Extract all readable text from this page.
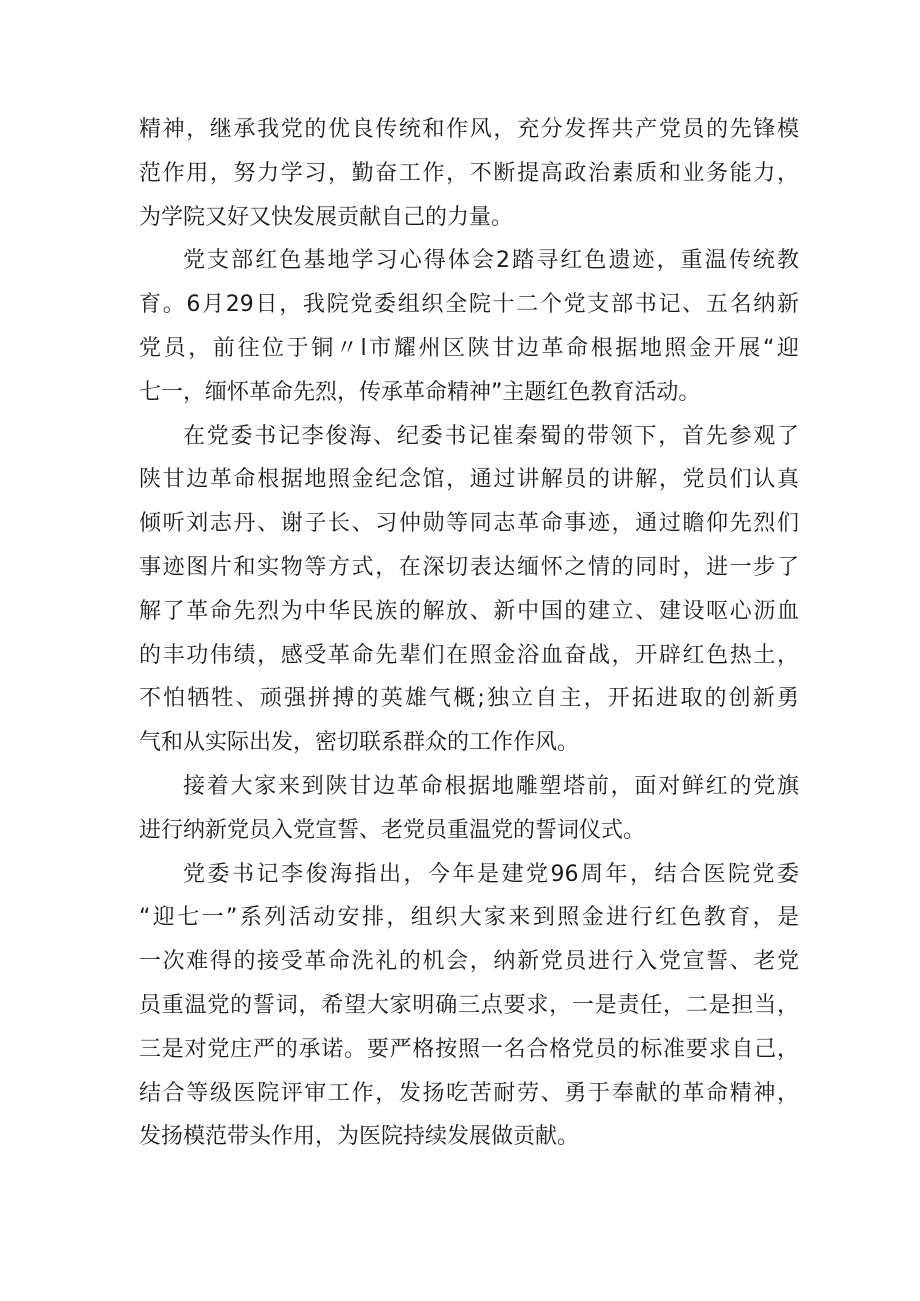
精神，继承我党的优良传统和作风，充分发挥共产党员的先锋模
范作用，努力学习，勤奋工作，不断提高政治素质和业务能力，
为学院又好又快发展贡献自己的力量。
党支部红色基地学习心得体会2踏寻红色遗迹，重温传统教
育。6月29日，我院党委组织全院十二个党支部书记、五名纳新
党员，前往位于铜〃l市耀州区陕甘边革命根据地照金开展“迎
七一，缅怀革命先烈，传承革命精神”主题红色教育活动。
在党委书记李俊海、纪委书记崔秦蜀的带领下，首先参观了
陕甘边革命根据地照金纪念馆，通过讲解员的讲解，党员们认真
倾听刘志丹、谢子长、习仲勋等同志革命事迹，通过瞻仰先烈们
事迹图片和实物等方式，在深切表达缅怀之情的同时，进一步了
解了革命先烈为中华民族的解放、新中国的建立、建设呕心沥血
的丰功伟绩，感受革命先辈们在照金浴血奋战，开辟红色热土，
不怕牺牲、顽强拼搏的英雄气概;独立自主，开拓进取的创新勇
气和从实际出发，密切联系群众的工作作风。
接着大家来到陕甘边革命根据地雕塑塔前，面对鲜红的党旗
进行纳新党员入党宣誓、老党员重温党的誓词仪式。
党委书记李俊海指出，今年是建党96周年，结合医院党委
“迎七一”系列活动安排，组织大家来到照金进行红色教育，是
一次难得的接受革命洗礼的机会，纳新党员进行入党宣誓、老党
员重温党的誓词，希望大家明确三点要求，一是责任，二是担当，
三是对党庄严的承诺。要严格按照一名合格党员的标准要求自己，
结合等级医院评审工作，发扬吃苦耐劳、勇于奉献的革命精神，
发扬模范带头作用，为医院持续发展做贡献。
